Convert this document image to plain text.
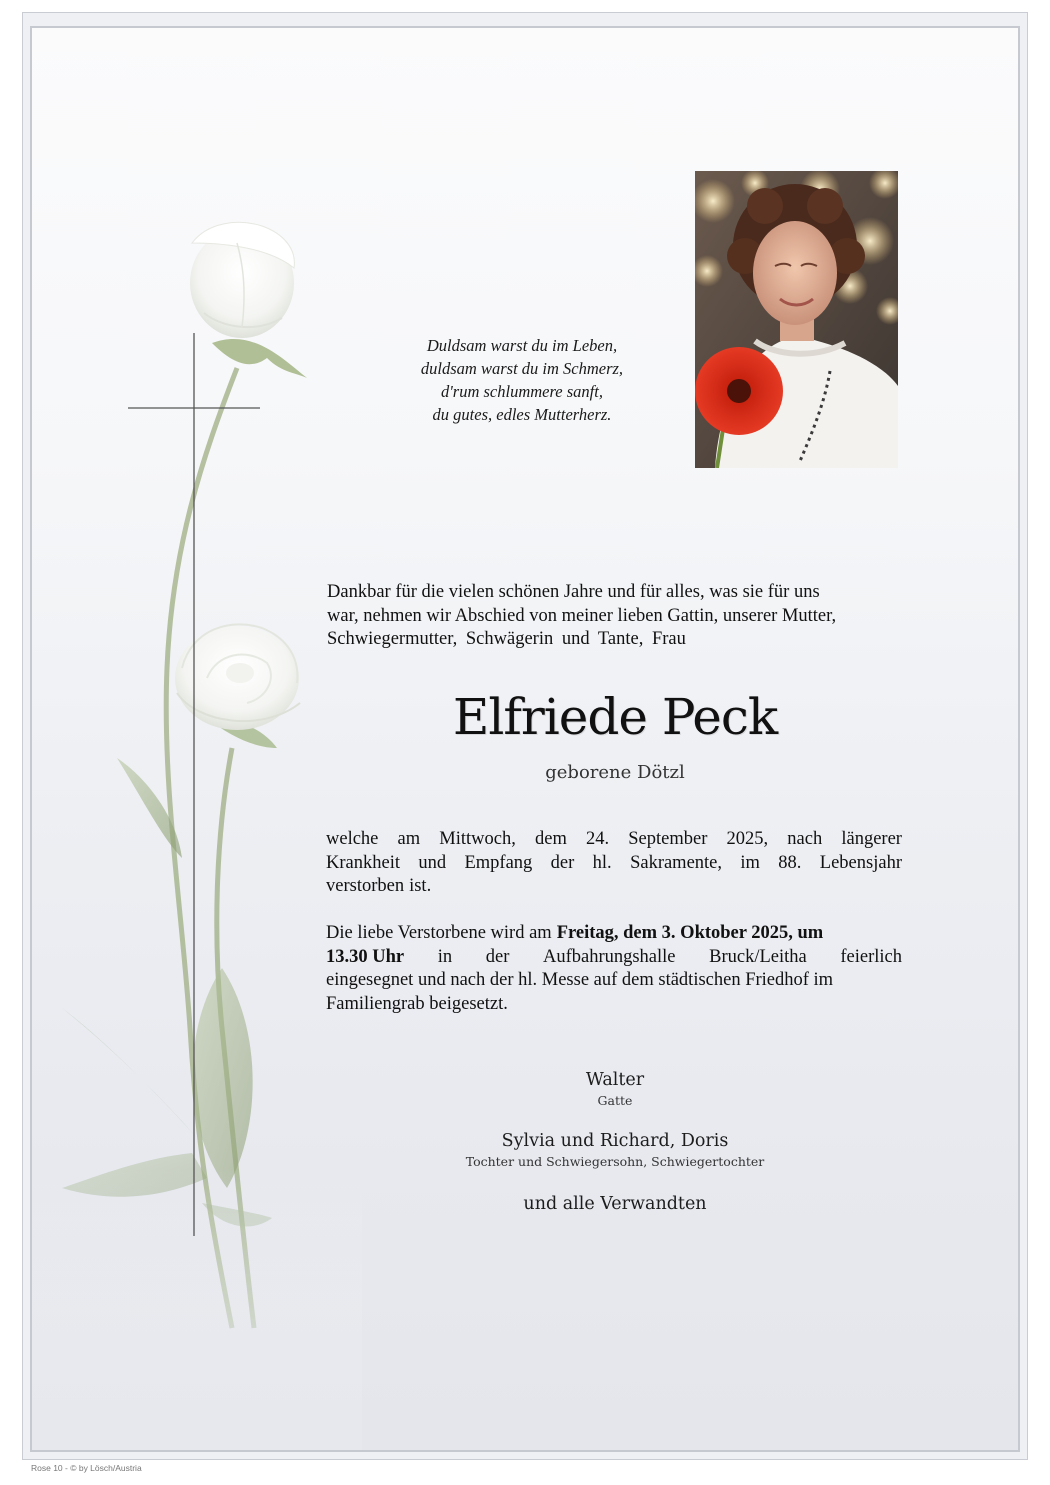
Duldsam warst du im Leben,
duldsam warst du im Schmerz,
d'rum schlummere sanft,
du gutes, edles Mutterherz.
Dankbar für die vielen schönen Jahre und für alles, was sie für uns
war, nehmen wir Abschied von meiner lieben Gattin, unserer Mutter,
Schwiegermutter, Schwägerin und Tante, Frau
Elfriede Peck
geborene Dötzl
welche am Mittwoch, dem 24. September 2025, nach längerer
Krankheit und Empfang der hl. Sakramente, im 88. Lebensjahr
verstorben ist.
Die liebe Verstorbene wird am Freitag, dem 3. Oktober 2025, um
13.30 Uhr in der Aufbahrungshalle Bruck/Leitha feierlich
eingesegnet und nach der hl. Messe auf dem städtischen Friedhof im
Familiengrab beigesetzt.
Walter
Gatte
Sylvia und Richard, Doris
Tochter und Schwiegersohn, Schwiegertochter
und alle Verwandten
Rose 10 - © by Lösch/Austria
